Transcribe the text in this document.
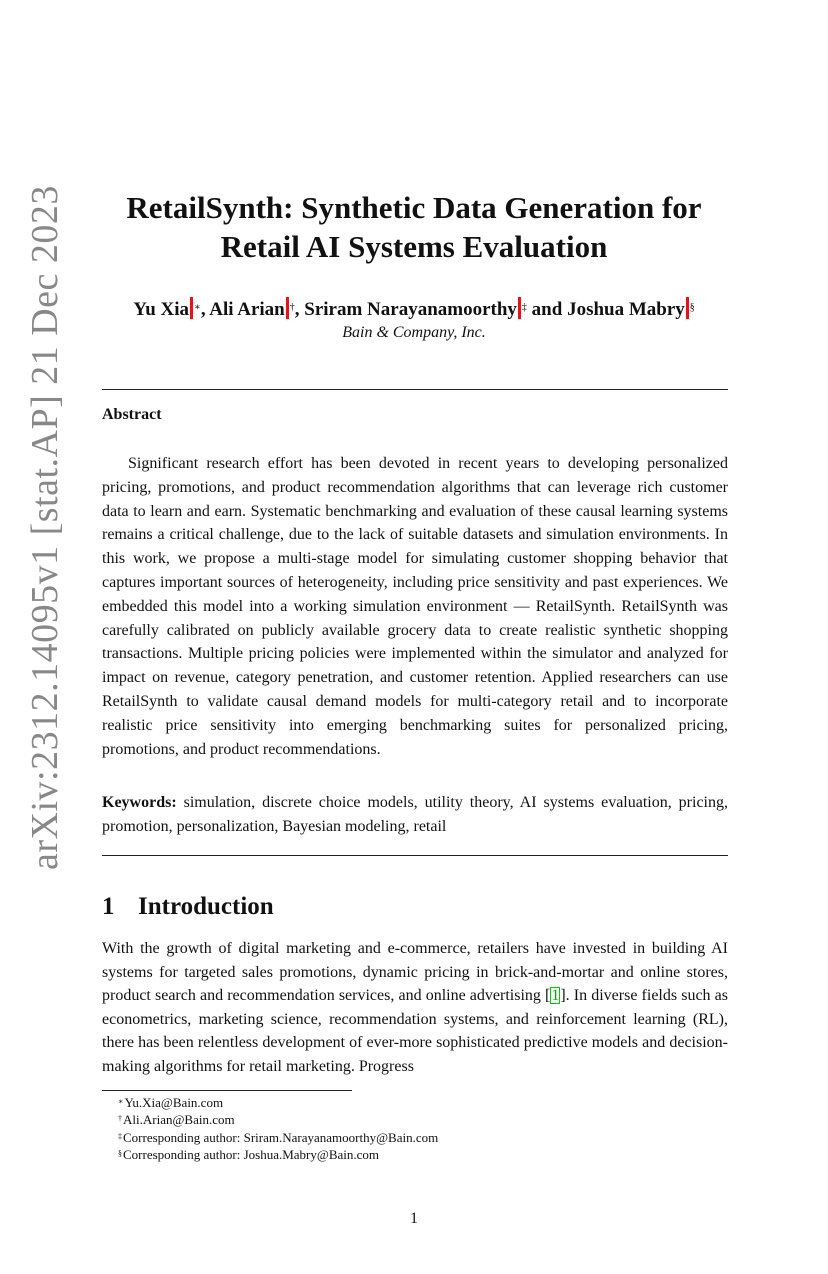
arXiv:2312.14095v1 [stat.AP] 21 Dec 2023	RetailSynth: Synthetic Data Generation for
Retail AI Systems Evaluation
Yu Xia ∗, Ali Arian †, Sriram Narayanamoorthy ‡ and Joshua Mabry §
Bain & Company, Inc.
Abstract
Significant research effort has been devoted in recent years to developing personalized pricing, promotions, and product recommendation algorithms that can leverage rich customer data to learn and earn. Systematic benchmarking and evaluation of these causal learning systems remains a critical challenge, due to the lack of suitable datasets and simulation environments. In this work, we propose a multi-stage model for simulating customer shopping behavior that captures important sources of heterogeneity, including price sensitivity and past experiences. We embedded this model into a working simulation environment — RetailSynth. RetailSynth was carefully calibrated on publicly available grocery data to create realistic synthetic shopping transactions. Multiple pricing policies were implemented within the simulator and analyzed for impact on revenue, category penetration, and customer retention. Applied researchers can use RetailSynth to validate causal demand models for multi-category retail and to incorporate realistic price sensitivity into emerging benchmarking suites for personalized pricing, promotions, and product recommendations.
Keywords: simulation, discrete choice models, utility theory, AI systems evaluation, pricing, promotion, personalization, Bayesian modeling, retail
1 Introduction
With the growth of digital marketing and e-commerce, retailers have invested in building AI systems for targeted sales promotions, dynamic pricing in brick-and-mortar and online stores, product search and recommendation services, and online advertising [1]. In diverse fields such as econometrics, marketing science, recommendation systems, and reinforcement learning (RL), there has been relentless development of ever-more sophisticated predictive models and decision-making algorithms for retail marketing. Progress
∗Yu.Xia@Bain.com
†Ali.Arian@Bain.com
‡Corresponding author: Sriram.Narayanamoorthy@Bain.com
§Corresponding author: Joshua.Mabry@Bain.com
1
